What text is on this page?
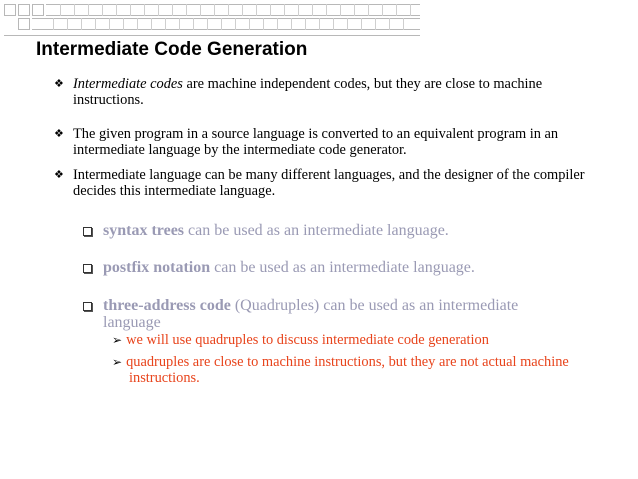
Intermediate Code Generation
❖ Intermediate codes are machine independent codes, but they are close to machine instructions.
❖ The given program in a source language is converted to an equivalent program in an intermediate language by the intermediate code generator.
❖ Intermediate language can be many different languages, and the designer of the compiler decides this intermediate language.
syntax trees can be used as an intermediate language.
postfix notation can be used as an intermediate language.
three-address code (Quadruples) can be used as an intermediate language
➢ we will use quadruples to discuss intermediate code generation
➢ quadruples are close to machine instructions, but they are not actual machine instructions.
